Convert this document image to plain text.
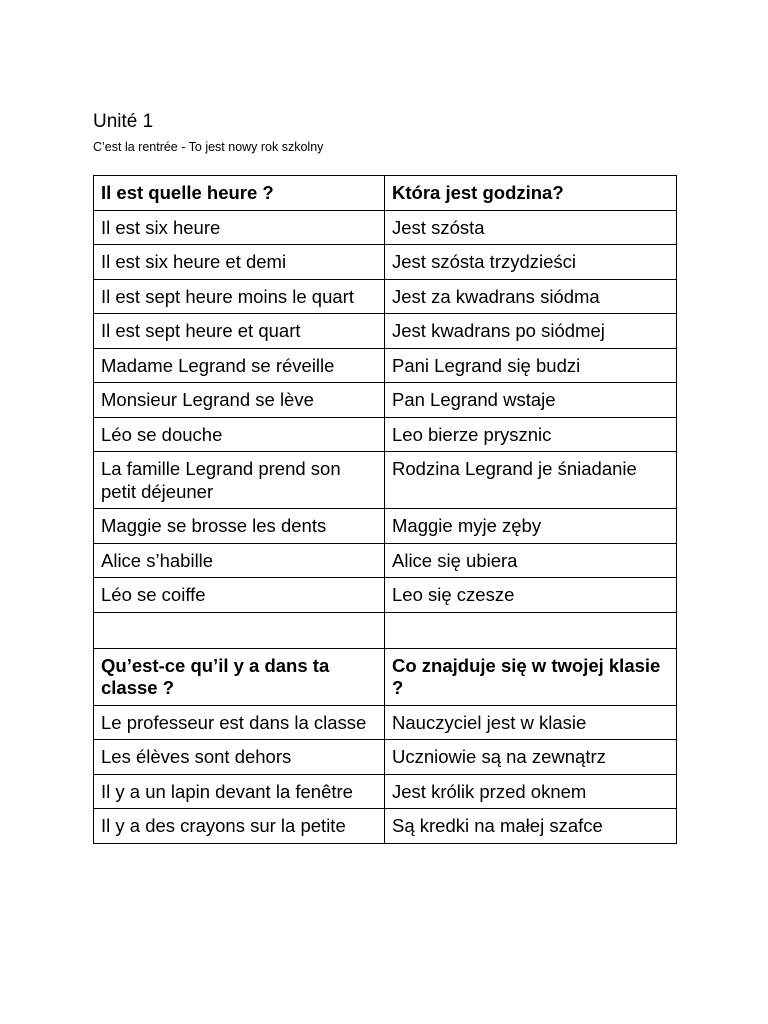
Unité 1

C’est la rentrée - To jest nowy rok szkolny

Il est quelle heure ?	Która jest godzina?
Il est six heure	Jest szósta
Il est six heure et demi	Jest szósta trzydzieści
Il est sept heure moins le quart	Jest za kwadrans siódma
Il est sept heure et quart	Jest kwadrans po siódmej
Madame Legrand se réveille	Pani Legrand się budzi
Monsieur Legrand se lève	Pan Legrand wstaje
Léo se douche	Leo bierze prysznic
La famille Legrand prend son petit déjeuner	Rodzina Legrand je śniadanie
Maggie se brosse les dents	Maggie myje zęby
Alice s’habille	Alice się ubiera
Léo se coiffe	Leo się czesze

Qu’est-ce qu’il y a dans ta classe ?	Co znajduje się w twojej klasie ?
Le professeur est dans la classe	Nauczyciel jest w klasie
Les élèves sont dehors	Uczniowie są na zewnątrz
Il y a un lapin devant la fenêtre	Jest królik przed oknem
Il y a des crayons sur la petite	Są kredki na małej szafce
